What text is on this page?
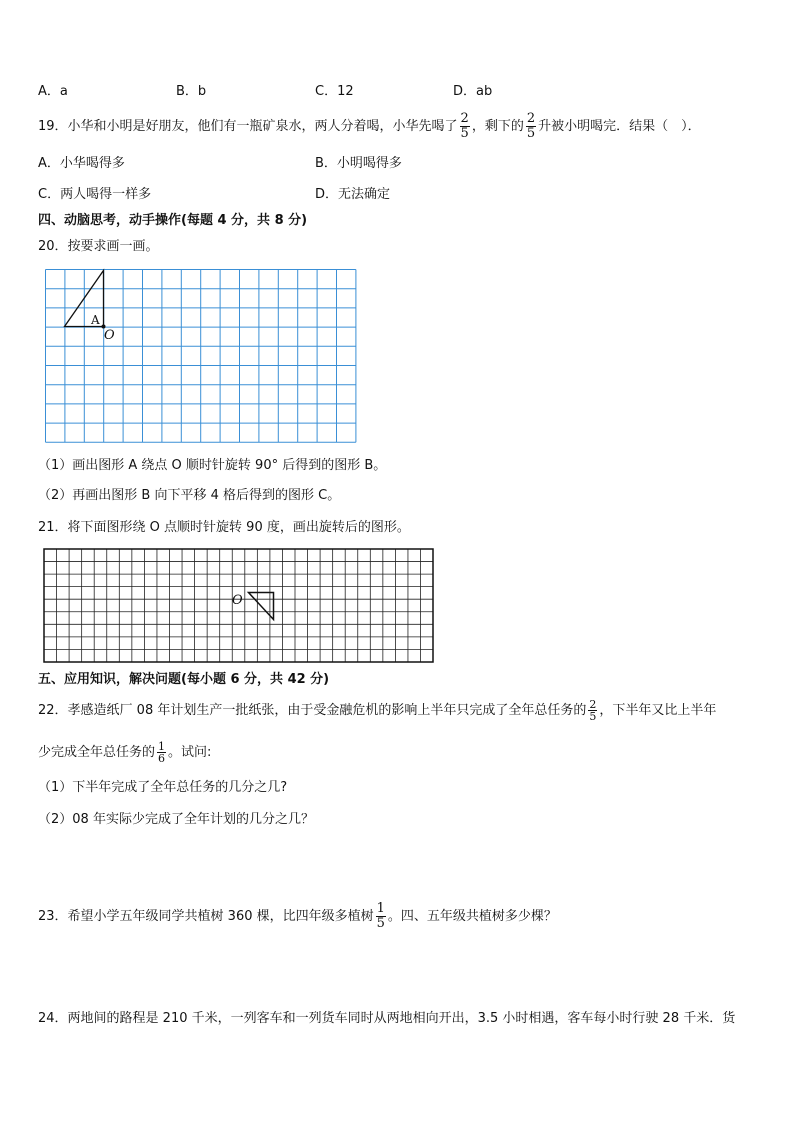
A．a	B．b	C．12	D．ab
19．小华和小明是好朋友，他们有一瓶矿泉水，两人分着喝，小华先喝了 $\frac{2}{5}$ ，剩下的 $\frac{2}{5}$ 升被小明喝完．结果（　）．
A．小华喝得多	B．小明喝得多
C．两人喝得一样多	D．无法确定
四、动脑思考，动手操作(每题 4 分，共 8 分)
20．按要求画一画。
A
O
（1）画出图形 A 绕点 O 顺时针旋转 90° 后得到的图形 B。
（2）再画出图形 B 向下平移 4 格后得到的图形 C。
21．将下面图形绕 O 点顺时针旋转 90 度，画出旋转后的图形。
O
五、应用知识，解决问题(每小题 6 分，共 42 分)
22．孝感造纸厂 08 年计划生产一批纸张，由于受金融危机的影响上半年只完成了全年总任务的 $\frac{2}{5}$ ，下半年又比上半年
少完成全年总任务的 $\frac{1}{6}$ 。试问:
（1）下半年完成了全年总任务的几分之几?
（2）08 年实际少完成了全年计划的几分之几？
23．希望小学五年级同学共植树 360 棵，比四年级多植树 $\frac{1}{5}$ 。四、五年级共植树多少棵？
24．两地间的路程是 210 千米，一列客车和一列货车同时从两地相向开出，3.5 小时相遇，客车每小时行驶 28 千米．货
